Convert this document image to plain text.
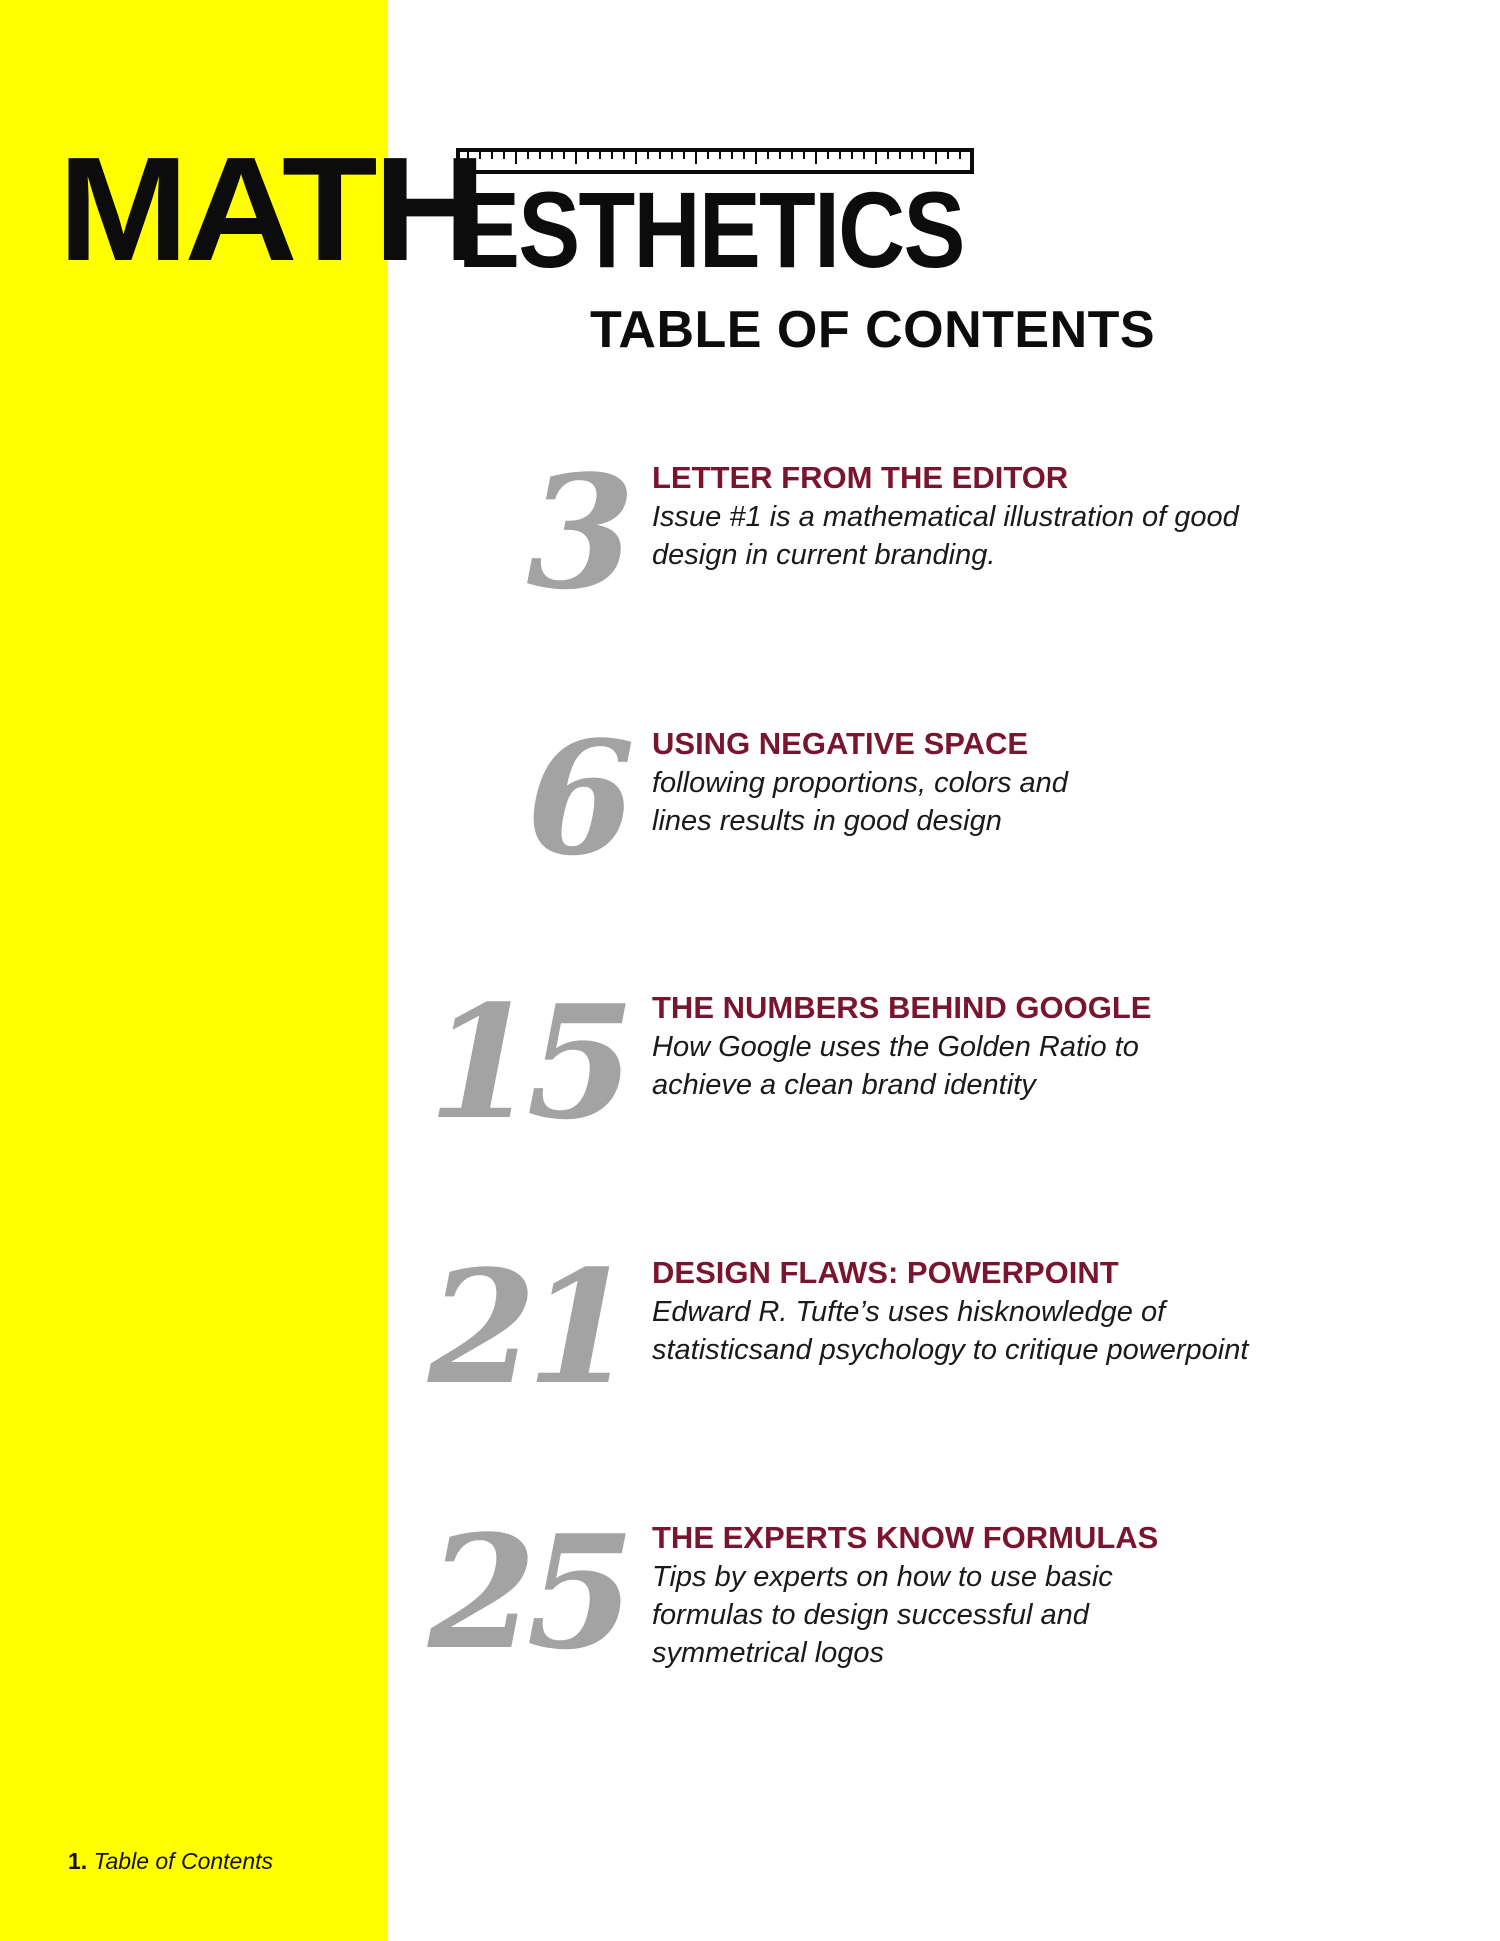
MATH
ESTHETICS
TABLE OF CONTENTS
3 LETTER FROM THE EDITOR
Issue #1 is a mathematical illustration of good design in current branding.
6 USING NEGATIVE SPACE
following proportions, colors and lines results in good design
15 THE NUMBERS BEHIND GOOGLE
How Google uses the Golden Ratio to achieve a clean brand identity
21 DESIGN FLAWS: POWERPOINT
Edward R. Tufte’s uses hisknowledge of statisticsand psychology to critique powerpoint
25 THE EXPERTS KNOW FORMULAS
Tips by experts on how to use basic formulas to design successful and symmetrical logos
1. Table of Contents
